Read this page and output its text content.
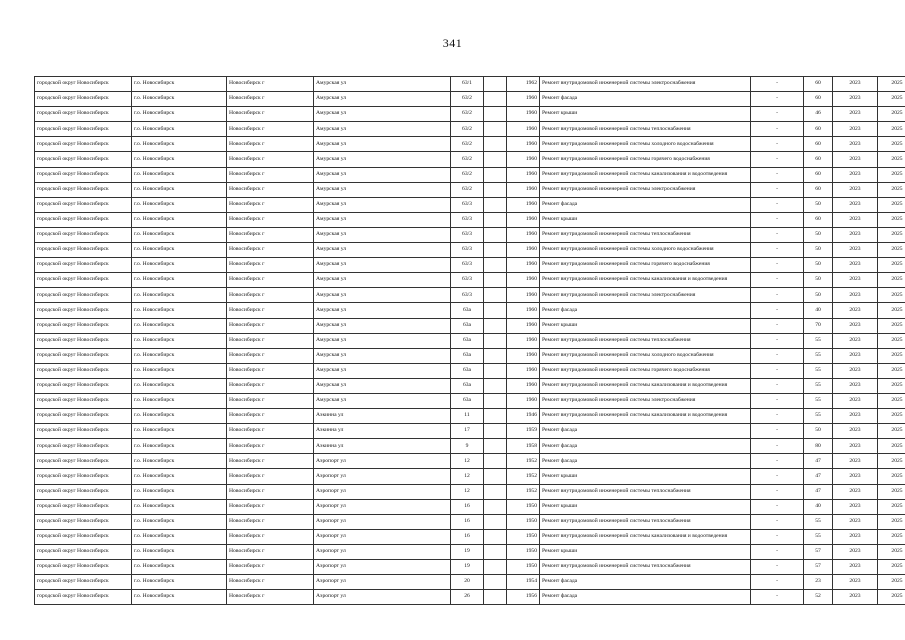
341
городской округ Новосибирск	г.о. Новосибирск	Новосибирск г	Амурская ул	63/1		1962	Ремонт внутридомовой инженерной системы электроснабжения	-	60	2023	2025
городской округ Новосибирск	г.о. Новосибирск	Новосибирск г	Амурская ул	63/2		1960	Ремонт фасада	-	60	2023	2025
городской округ Новосибирск	г.о. Новосибирск	Новосибирск г	Амурская ул	63/2		1960	Ремонт крыши	-	46	2023	2025
городской округ Новосибирск	г.о. Новосибирск	Новосибирск г	Амурская ул	63/2		1960	Ремонт внутридомовой инженерной системы теплоснабжения	-	60	2023	2025
городской округ Новосибирск	г.о. Новосибирск	Новосибирск г	Амурская ул	63/2		1960	Ремонт внутридомовой инженерной системы холодного водоснабжения	-	60	2023	2025
городской округ Новосибирск	г.о. Новосибирск	Новосибирск г	Амурская ул	63/2		1960	Ремонт внутридомовой инженерной системы горячего водоснабжения	-	60	2023	2025
городской округ Новосибирск	г.о. Новосибирск	Новосибирск г	Амурская ул	63/2		1960	Ремонт внутридомовой инженерной системы канализования и водоотведения	-	60	2023	2025
городской округ Новосибирск	г.о. Новосибирск	Новосибирск г	Амурская ул	63/2		1960	Ремонт внутридомовой инженерной системы электроснабжения	-	60	2023	2025
городской округ Новосибирск	г.о. Новосибирск	Новосибирск г	Амурская ул	63/3		1960	Ремонт фасада	-	50	2023	2025
городской округ Новосибирск	г.о. Новосибирск	Новосибирск г	Амурская ул	63/3		1960	Ремонт крыши	-	60	2023	2025
городской округ Новосибирск	г.о. Новосибирск	Новосибирск г	Амурская ул	63/3		1960	Ремонт внутридомовой инженерной системы теплоснабжения	-	50	2023	2025
городской округ Новосибирск	г.о. Новосибирск	Новосибирск г	Амурская ул	63/3		1960	Ремонт внутридомовой инженерной системы холодного водоснабжения	-	50	2023	2025
городской округ Новосибирск	г.о. Новосибирск	Новосибирск г	Амурская ул	63/3		1960	Ремонт внутридомовой инженерной системы горячего водоснабжения	-	50	2023	2025
городской округ Новосибирск	г.о. Новосибирск	Новосибирск г	Амурская ул	63/3		1960	Ремонт внутридомовой инженерной системы канализования и водоотведения	-	50	2023	2025
городской округ Новосибирск	г.о. Новосибирск	Новосибирск г	Амурская ул	63/3		1960	Ремонт внутридомовой инженерной системы электроснабжения	-	50	2023	2025
городской округ Новосибирск	г.о. Новосибирск	Новосибирск г	Амурская ул	63а		1960	Ремонт фасада	-	40	2023	2025
городской округ Новосибирск	г.о. Новосибирск	Новосибирск г	Амурская ул	63а		1960	Ремонт крыши	-	70	2023	2025
городской округ Новосибирск	г.о. Новосибирск	Новосибирск г	Амурская ул	63а		1960	Ремонт внутридомовой инженерной системы теплоснабжения	-	55	2023	2025
городской округ Новосибирск	г.о. Новосибирск	Новосибирск г	Амурская ул	63а		1960	Ремонт внутридомовой инженерной системы холодного водоснабжения	-	55	2023	2025
городской округ Новосибирск	г.о. Новосибирск	Новосибирск г	Амурская ул	63а		1960	Ремонт внутридомовой инженерной системы горячего водоснабжения	-	55	2023	2025
городской округ Новосибирск	г.о. Новосибирск	Новосибирск г	Амурская ул	63а		1960	Ремонт внутридомовой инженерной системы канализования и водоотведения	-	55	2023	2025
городской округ Новосибирск	г.о. Новосибирск	Новосибирск г	Амурская ул	63а		1960	Ремонт внутридомовой инженерной системы электроснабжения	-	55	2023	2025
городской округ Новосибирск	г.о. Новосибирск	Новосибирск г	Аэкинна ул	11		1946	Ремонт внутридомовой инженерной системы канализования и водоотведения	-	55	2023	2025
городской округ Новосибирск	г.о. Новосибирск	Новосибирск г	Аэкинна ул	17		1959	Ремонт фасада	-	50	2023	2025
городской округ Новосибирск	г.о. Новосибирск	Новосибирск г	Аэкинна ул	9		1958	Ремонт фасада	-	80	2023	2025
городской округ Новосибирск	г.о. Новосибирск	Новосибирск г	Аэропорт ул	12		1952	Ремонт фасада	-	47	2023	2025
городской округ Новосибирск	г.о. Новосибирск	Новосибирск г	Аэропорт ул	12		1952	Ремонт крыши	-	47	2023	2025
городской округ Новосибирск	г.о. Новосибирск	Новосибирск г	Аэропорт ул	12		1952	Ремонт внутридомовой инженерной системы теплоснабжения	-	47	2023	2025
городской округ Новосибирск	г.о. Новосибирск	Новосибирск г	Аэропорт ул	16		1950	Ремонт крыши	-	40	2023	2025
городской округ Новосибирск	г.о. Новосибирск	Новосибирск г	Аэропорт ул	16		1950	Ремонт внутридомовой инженерной системы теплоснабжения	-	55	2023	2025
городской округ Новосибирск	г.о. Новосибирск	Новосибирск г	Аэропорт ул	16		1950	Ремонт внутридомовой инженерной системы канализования и водоотведения	-	55	2023	2025
городской округ Новосибирск	г.о. Новосибирск	Новосибирск г	Аэропорт ул	19		1950	Ремонт крыши	-	57	2023	2025
городской округ Новосибирск	г.о. Новосибирск	Новосибирск г	Аэропорт ул	19		1950	Ремонт внутридомовой инженерной системы теплоснабжения	-	57	2023	2025
городской округ Новосибирск	г.о. Новосибирск	Новосибирск г	Аэропорт ул	20		1954	Ремонт фасада	-	23	2023	2025
городской округ Новосибирск	г.о. Новосибирск	Новосибирск г	Аэропорт ул	26		1956	Ремонт фасада	-	52	2023	2025
